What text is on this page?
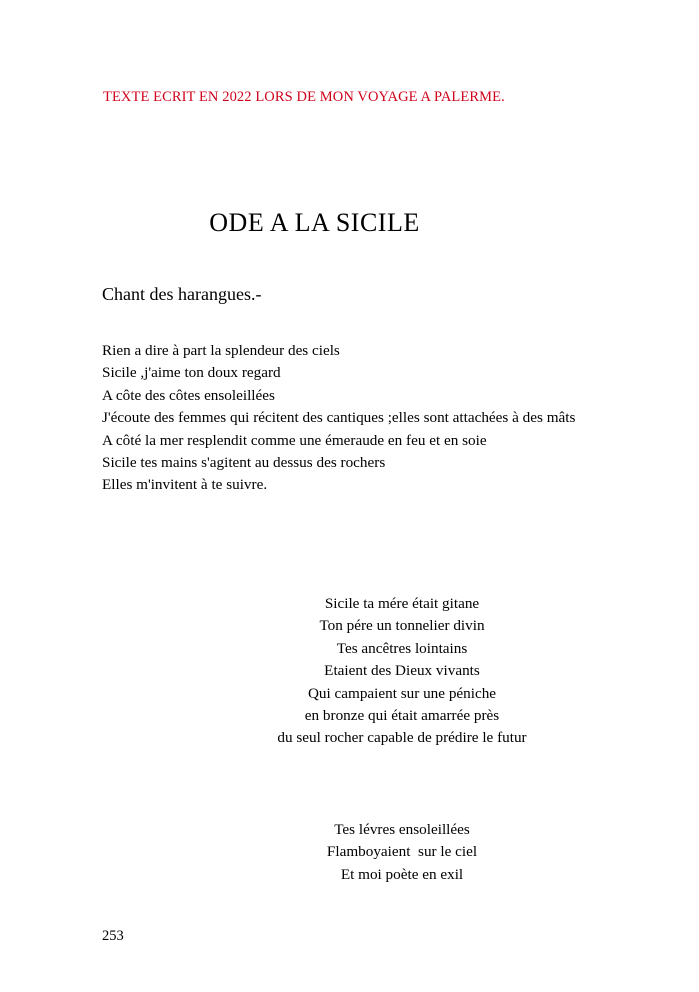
TEXTE ECRIT EN 2022 LORS DE MON VOYAGE A PALERME.
ODE A LA SICILE
Chant des harangues.-
Rien a dire à part la splendeur des ciels
Sicile ,j'aime ton doux regard
A côte des côtes ensoleillées
J'écoute des femmes qui récitent des cantiques ;elles sont attachées à des mâts
A côté la mer resplendit comme une émeraude en feu et en soie
Sicile tes mains s'agitent au dessus des rochers
Elles m'invitent à te suivre.
Sicile ta mére était gitane
Ton pére un tonnelier divin
Tes ancêtres lointains
Etaient des Dieux vivants
Qui campaient sur une péniche
en bronze qui était amarrée près
du seul rocher capable de prédire le futur
Tes lévres ensoleillées
Flamboyaient  sur le ciel
Et moi poète en exil
253
